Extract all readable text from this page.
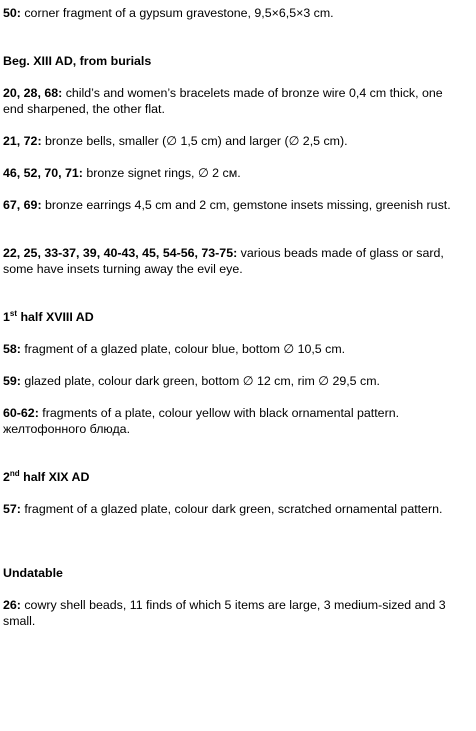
50: corner fragment of a gypsum gravestone, 9,5×6,5×3 cm.

Beg. XIII AD, from burials

20, 28, 68: child’s and women’s bracelets made of bronze wire 0,4 cm thick, one end sharpened, the other flat.

21, 72: bronze bells, smaller (∅ 1,5 cm) and larger (∅ 2,5 cm).

46, 52, 70, 71: bronze signet rings, ∅ 2 см.

67, 69: bronze earrings 4,5 cm and 2 cm, gemstone insets missing, greenish rust.

22, 25, 33-37, 39, 40-43, 45, 54-56, 73-75: various beads made of glass or sard, some have insets turning away the evil eye.

1st half XVIII AD

58: fragment of a glazed plate, colour blue, bottom ∅ 10,5 cm.

59: glazed plate, colour dark green, bottom ∅ 12 cm, rim ∅ 29,5 cm.

60-62: fragments of a plate, colour yellow with black ornamental pattern. желтофонного блюда.

2nd half XIX AD

57: fragment of a glazed plate, colour dark green, scratched ornamental pattern.

Undatable

26: cowry shell beads, 11 finds of which 5 items are large, 3 medium-sized and 3 small.
